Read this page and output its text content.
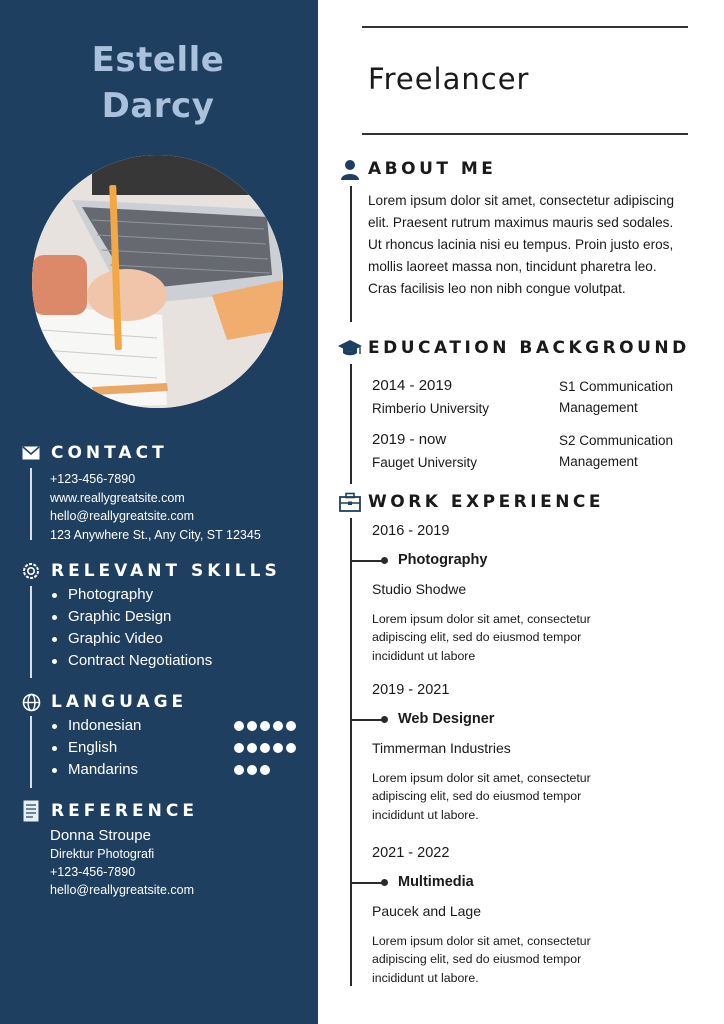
Estelle
Darcy
CONTACT
+123-456-7890
www.reallygreatsite.com
hello@reallygreatsite.com
123 Anywhere St., Any City, ST 12345
RELEVANT SKILLS
Photography
Graphic Design
Graphic Video
Contract Negotiations
LANGUAGE
Indonesian
English
Mandarins
REFERENCE
Donna Stroupe
Direktur Photografi
+123-456-7890
hello@reallygreatsite.com
Freelancer
ABOUT ME
Lorem ipsum dolor sit amet, consectetur adipiscing elit. Praesent rutrum maximus mauris sed sodales. Ut rhoncus lacinia nisi eu tempus. Proin justo eros, mollis laoreet massa non, tincidunt pharetra leo. Cras facilisis leo non nibh congue volutpat.
EDUCATION BACKGROUND
2014 - 2019
Rimberio University
S1 Communication Management
2019 - now
Fauget University
S2 Communication Management
WORK EXPERIENCE
2016 - 2019
Photography
Studio Shodwe
Lorem ipsum dolor sit amet, consectetur adipiscing elit, sed do eiusmod tempor incididunt ut labore
2019 - 2021
Web Designer
Timmerman Industries
Lorem ipsum dolor sit amet, consectetur adipiscing elit, sed do eiusmod tempor incididunt ut labore.
2021 - 2022
Multimedia
Paucek and Lage
Lorem ipsum dolor sit amet, consectetur adipiscing elit, sed do eiusmod tempor incididunt ut labore.
